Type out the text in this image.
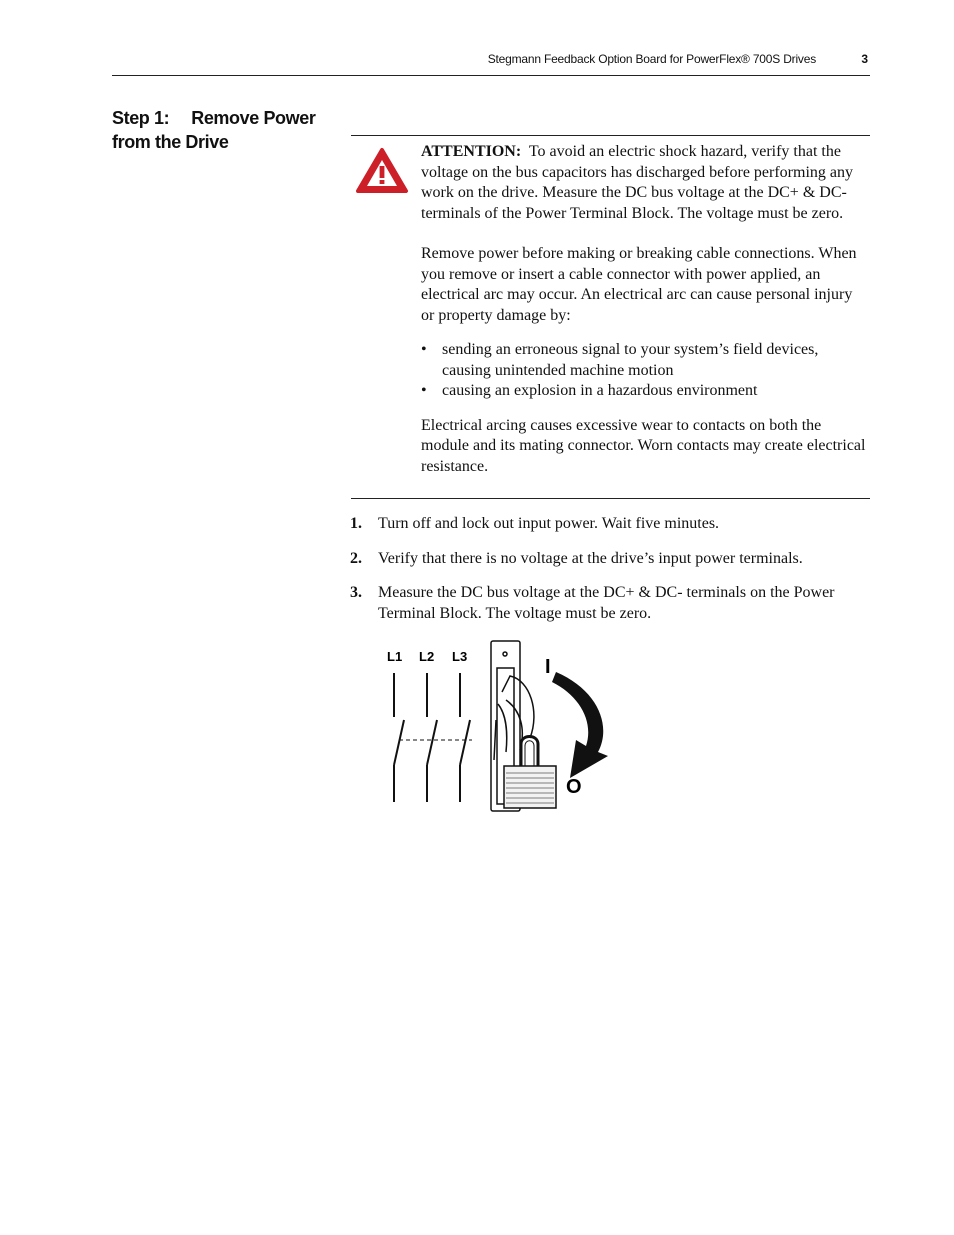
Stegmann Feedback Option Board for PowerFlex® 700S Drives	3
Step 1: Remove Power from the Drive	ATTENTION: To avoid an electric shock hazard, verify that the voltage on the bus capacitors has discharged before performing any work on the drive. Measure the DC bus voltage at the DC+ & DC- terminals of the Power Terminal Block. The voltage must be zero.

Remove power before making or breaking cable connections. When you remove or insert a cable connector with power applied, an electrical arc may occur. An electrical arc can cause personal injury or property damage by:

• sending an erroneous signal to your system’s field devices, causing unintended machine motion
• causing an explosion in a hazardous environment

Electrical arcing causes excessive wear to contacts on both the module and its mating connector. Worn contacts may create electrical resistance.

1. Turn off and lock out input power. Wait five minutes.
2. Verify that there is no voltage at the drive’s input power terminals.
3. Measure the DC bus voltage at the DC+ & DC- terminals on the Power Terminal Block. The voltage must be zero.
L1 L2 L3	I
O
